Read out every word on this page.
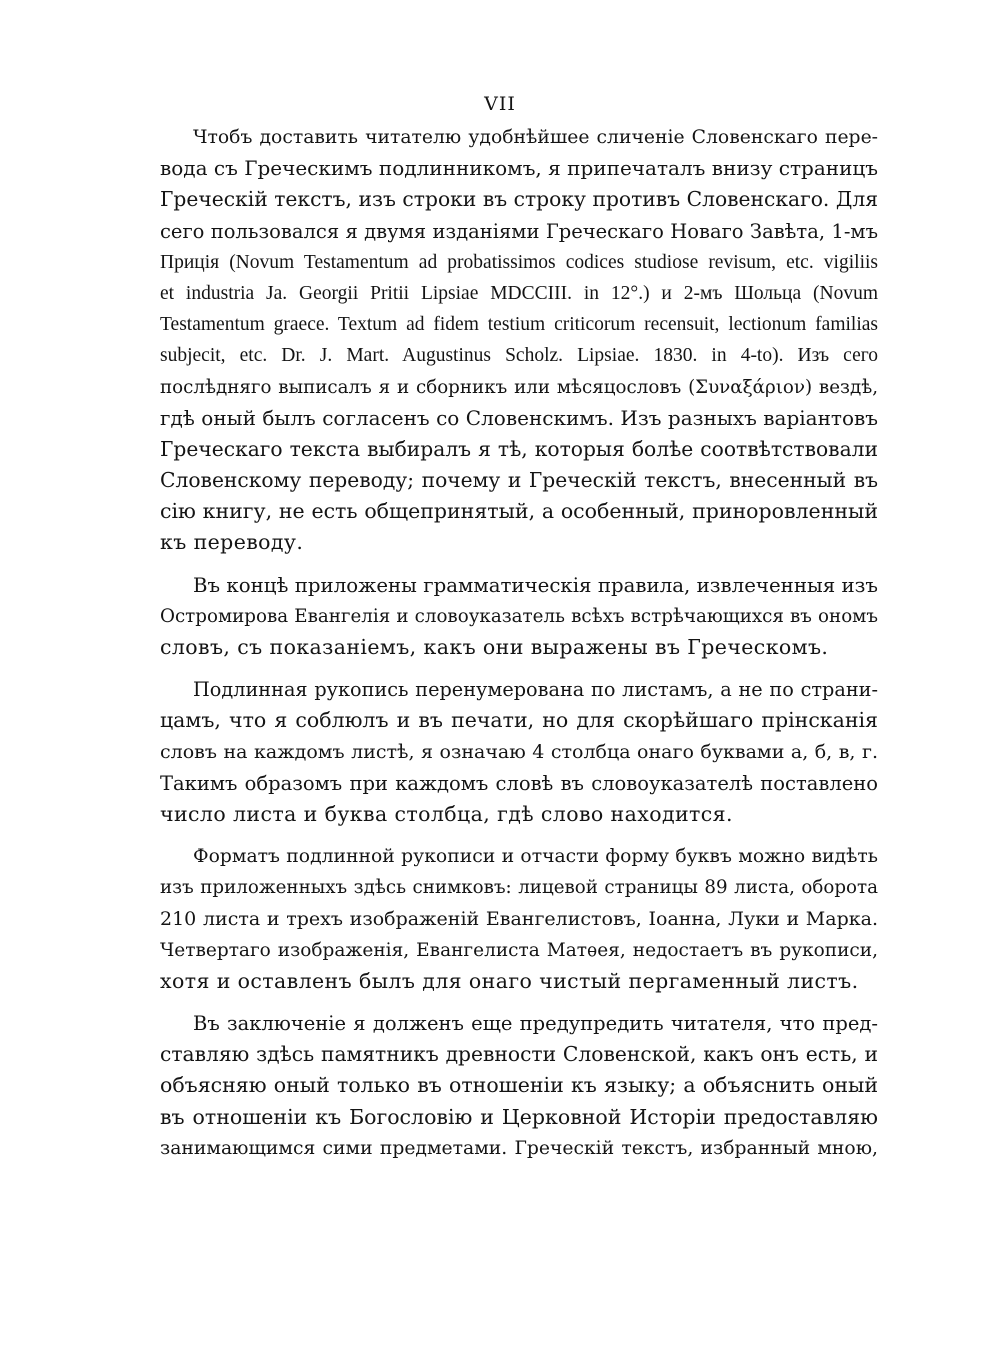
VII
Чтобъ доставить читателю удобнѣйшее сличеніе Словенскаго пере-
вода съ Греческимъ подлинникомъ, я припечаталъ внизу страницъ
Греческій текстъ, изъ строки въ строку противъ Словенскаго. Для
сего пользовался я двумя изданіями Греческаго Новаго Завѣта, 1-мъ
Прицiя (Novum Testamentum ad probatissimos codices studiose revisum, etc. vigiliis
et industria Ja. Georgii Pritii Lipsiae MDCCIII. in 12°.) и 2-мъ Шольца (Novum
Testamentum graece. Textum ad fidem testium criticorum recensuit, lectionum familias
subjecit, etc. Dr. J. Mart. Augustinus Scholz. Lipsiae. 1830. in 4-to). Изъ сего
послѣдняго выписалъ я и сборникъ или мѣсяцословъ (Συναξάριον) вездѣ,
гдѣ оный былъ согласенъ со Словенскимъ. Изъ разныхъ варіантовъ
Греческаго текста выбиралъ я тѣ, которыя болѣе соотвѣтствовали
Словенскому переводу; почему и Греческій текстъ, внесенный въ
сію книгу, не есть общепринятый, а особенный, приноровленный
къ переводу.
Въ концѣ приложены грамматическія правила, извлеченныя изъ
Остромирова Евангелія и словоуказатель всѣхъ встрѣчающихся въ ономъ
словъ, съ показаніемъ, какъ они выражены въ Греческомъ.
Подлинная рукопись перенумерована по листамъ, а не по страни-
цамъ, что я соблюлъ и въ печати, но для скорѣйшаго прінсканія
словъ на каждомъ листѣ, я означаю 4 столбца онаго буквами а, б, в, г.
Такимъ образомъ при каждомъ словѣ въ словоуказателѣ поставлено
число листа и буква столбца, гдѣ слово находится.
Форматъ подлинной рукописи и отчасти форму буквъ можно видѣть
изъ приложенныхъ здѣсь снимковъ: лицевой страницы 89 листа, оборота
210 листа и трехъ изображеній Евангелистовъ, Іоанна, Луки и Марка.
Четвертаго изображенія, Евангелиста Матѳея, недостаетъ въ рукописи,
хотя и оставленъ былъ для онаго чистый пергаменный листъ.
Въ заключеніе я долженъ еще предупредить читателя, что пред-
ставляю здѣсь памятникъ древности Словенской, какъ онъ есть, и
объясняю оный только въ отношеніи къ языку; а объяснить оный
въ отношеніи къ Богословію и Церковной Исторіи предоставляю
занимающимся сими предметами. Греческій текстъ, избранный мною,
